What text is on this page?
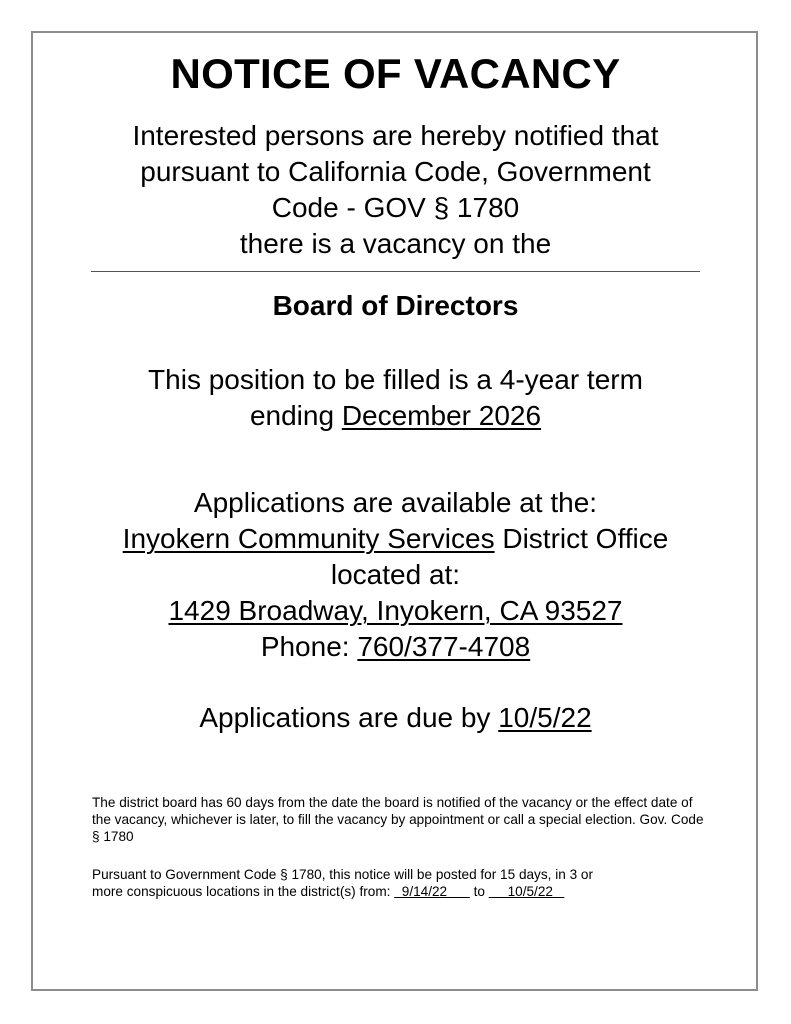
NOTICE OF VACANCY
Interested persons are hereby notified that
pursuant to California Code, Government
Code - GOV § 1780
there is a vacancy on the
Board of Directors
This position to be filled is a 4-year term
ending December 2026
Applications are available at the:
Inyokern Community Services District Office
located at:
1429 Broadway, Inyokern, CA 93527
Phone: 760/377-4708
Applications are due by 10/5/22
The district board has 60 days from the date the board is notified of the vacancy or the effect date of the vacancy, whichever is later, to fill the vacancy by appointment or call a special election. Gov. Code § 1780
Pursuant to Government Code § 1780, this notice will be posted for 15 days, in 3 or
more conspicuous locations in the district(s) from:   9/14/22 to 10/5/22
